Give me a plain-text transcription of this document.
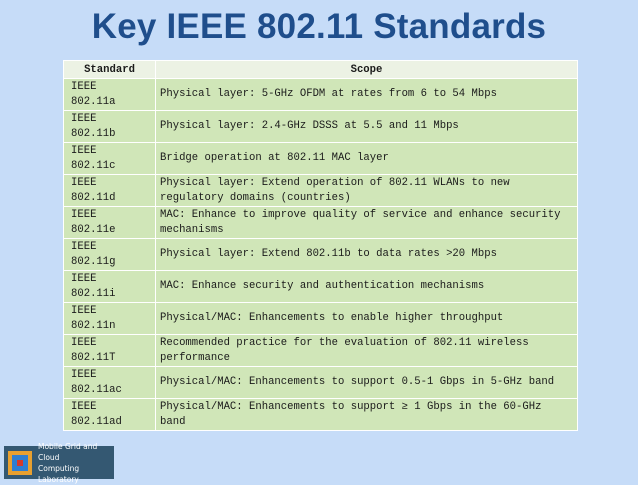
Key IEEE 802.11 Standards
Standard	Scope
IEEE
802.11a	Physical layer: 5-GHz OFDM at rates from 6 to 54 Mbps
IEEE
802.11b	Physical layer: 2.4-GHz DSSS at 5.5 and 11 Mbps
IEEE
802.11c	Bridge operation at 802.11 MAC layer
IEEE
802.11d	Physical layer: Extend operation of 802.11 WLANs to new regulatory domains (countries)
IEEE
802.11e	MAC: Enhance to improve quality of service and enhance security mechanisms
IEEE
802.11g	Physical layer: Extend 802.11b to data rates >20 Mbps
IEEE
802.11i	MAC: Enhance security and authentication mechanisms
IEEE
802.11n	Physical/MAC: Enhancements to enable higher throughput
IEEE
802.11T	Recommended practice for the evaluation of 802.11 wireless performance
IEEE
802.11ac	Physical/MAC: Enhancements to support 0.5-1 Gbps in 5-GHz band
IEEE
802.11ad	Physical/MAC: Enhancements to support ≥ 1 Gbps in the 60-GHz band
Mobile Grid and Cloud
Computing Laboratory
